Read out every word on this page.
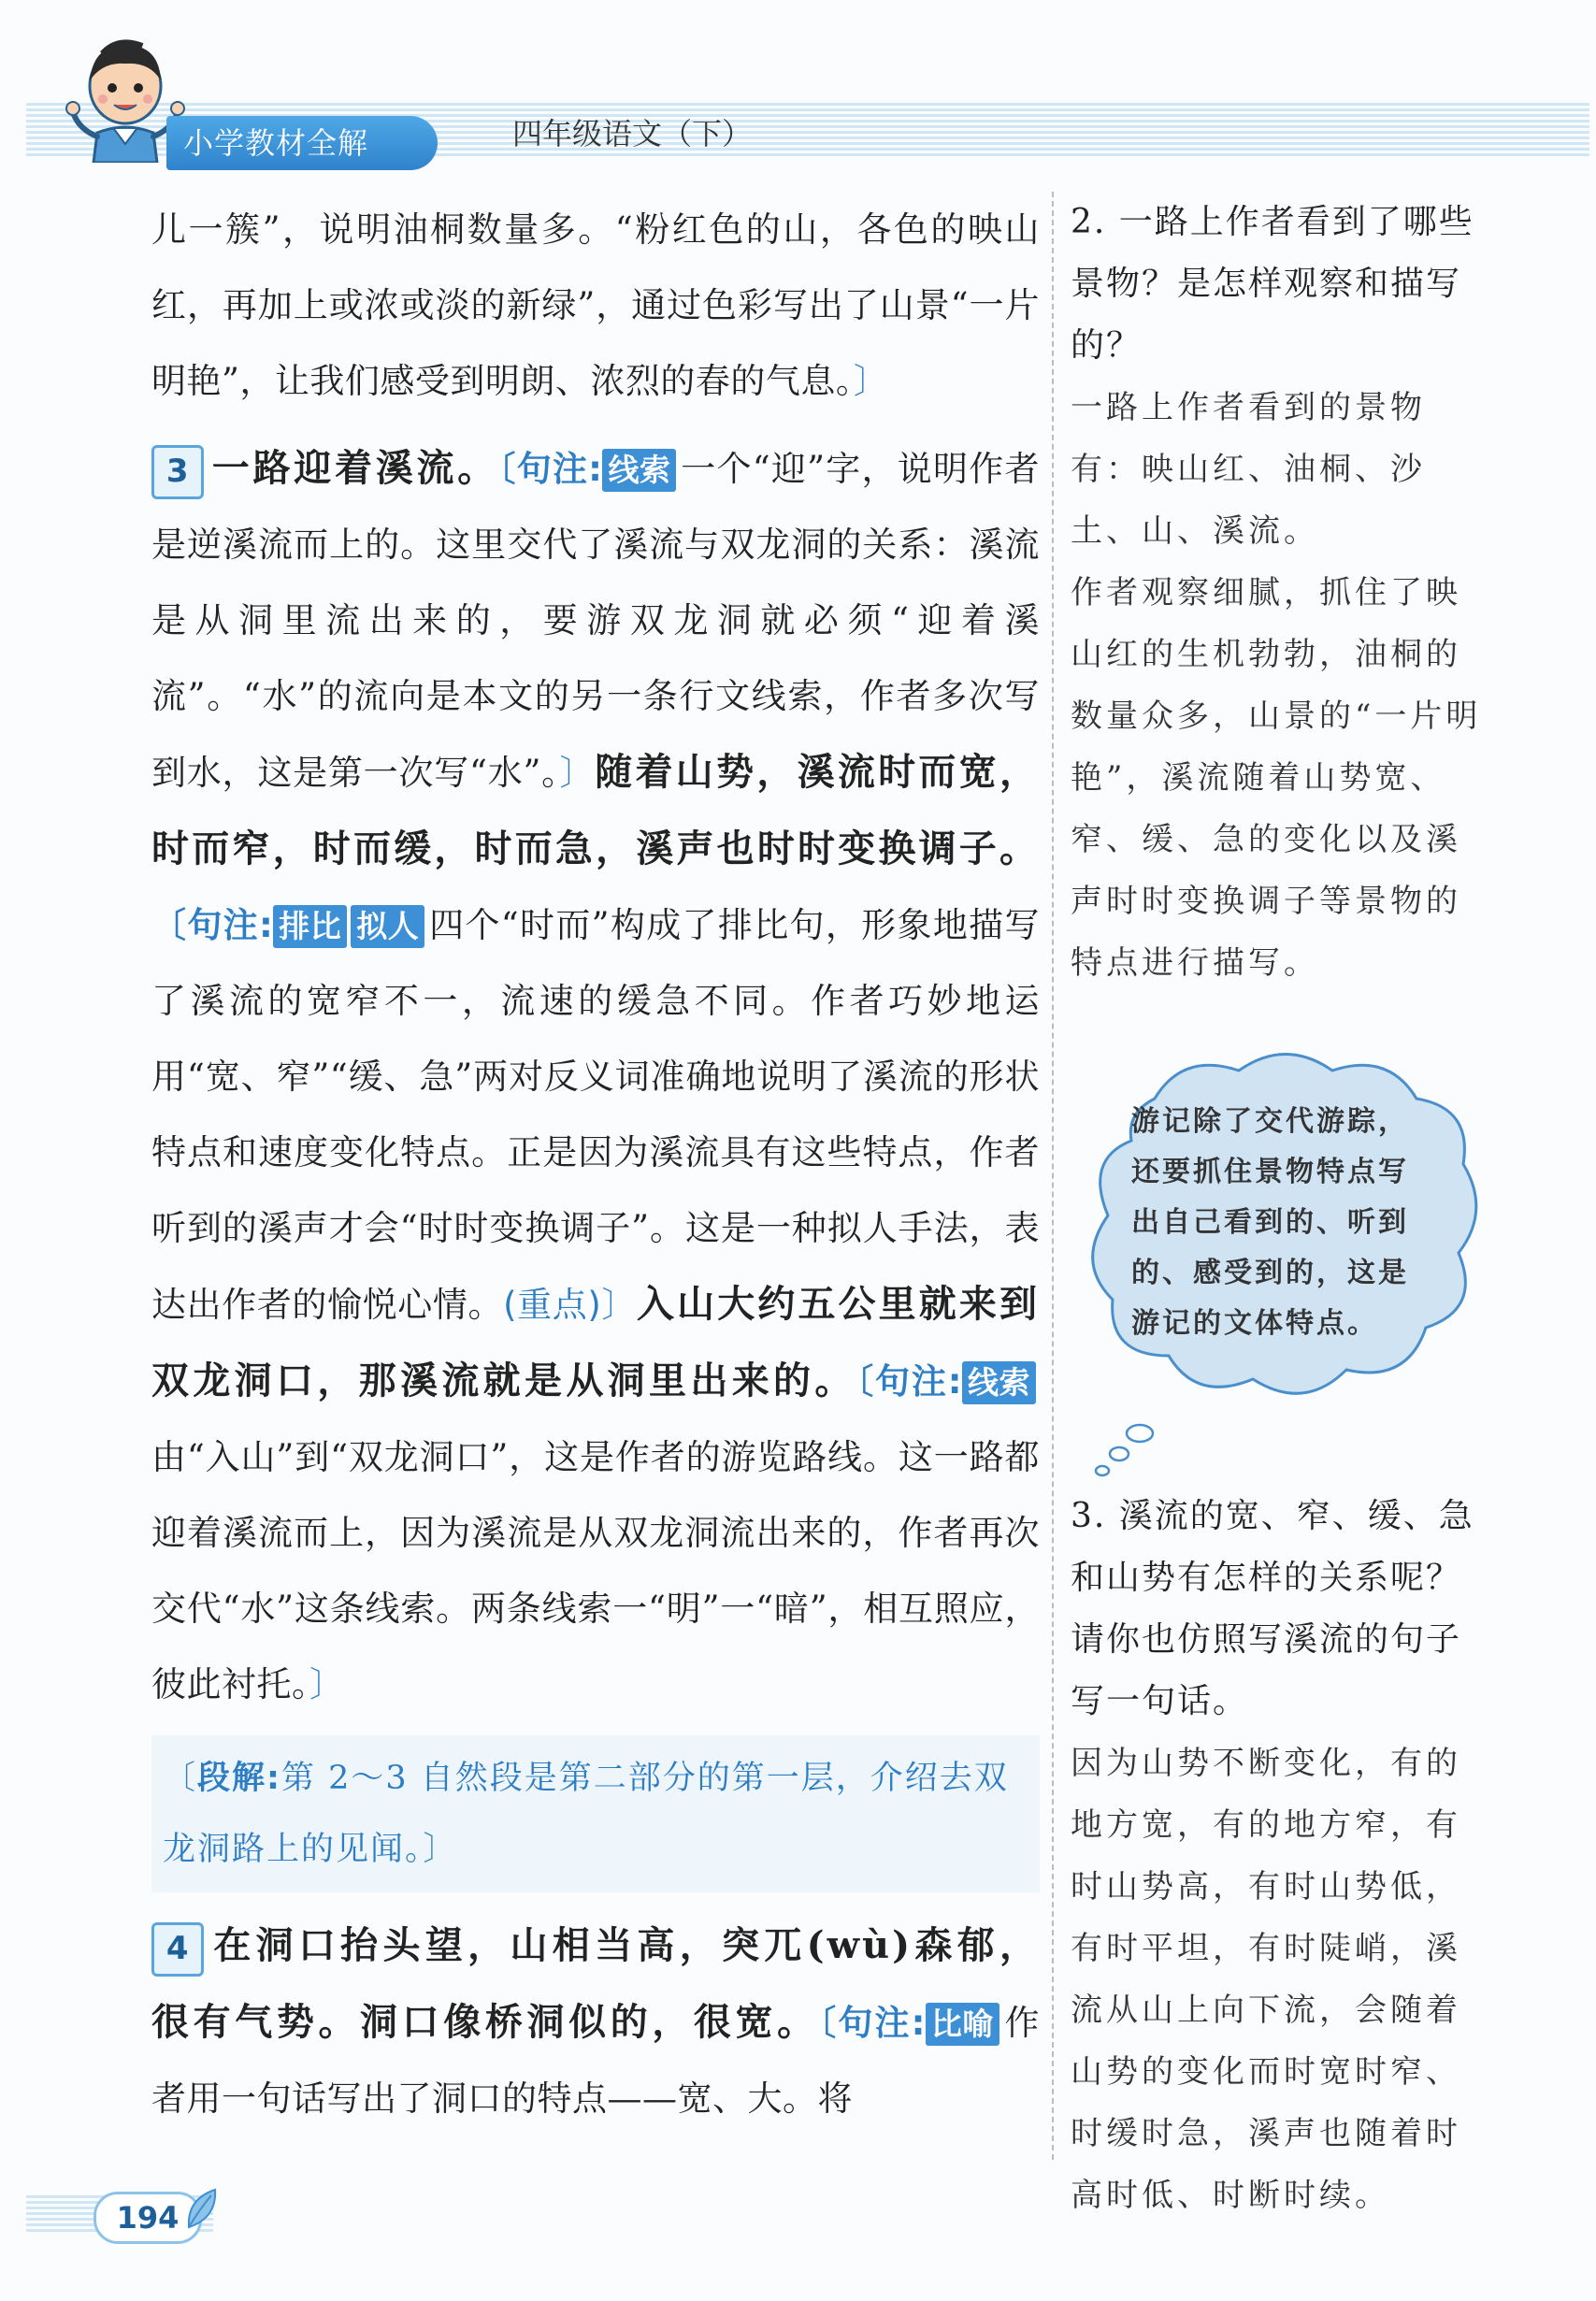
小学教材全解	四年级语文（下）

儿一簇”，说明油桐数量多。“粉红色的山，各色的映山红，再加上或浓或淡的新绿”，通过色彩写出了山景“一片明艳”，让我们感受到明朗、浓烈的春的气息。〕

3 一路迎着溪流。〔句注: 线索 一个“迎”字，说明作者是逆溪流而上的。这里交代了溪流与双龙洞的关系：溪流是从洞里流出来的，要游双龙洞就必须“迎着溪流”。“水”的流向是本文的另一条行文线索，作者多次写到水，这是第一次写“水”。〕随着山势，溪流时而宽，时而窄，时而缓，时而急，溪声也时时变换调子。〔句注: 排比 拟人 四个“时而”构成了排比句，形象地描写了溪流的宽窄不一，流速的缓急不同。作者巧妙地运用“宽、窄”“缓、急”两对反义词准确地说明了溪流的形状特点和速度变化特点。正是因为溪流具有这些特点，作者听到的溪声才会“时时变换调子”。这是一种拟人手法，表达出作者的愉悦心情。(重点)〕入山大约五公里就来到双龙洞口，那溪流就是从洞里出来的。〔句注: 线索由“入山”到“双龙洞口”，这是作者的游览路线。这一路都迎着溪流而上，因为溪流是从双龙洞流出来的，作者再次交代“水”这条线索。两条线索一“明”一“暗”，相互照应，彼此衬托。〕

〔段解:第 2～3 自然段是第二部分的第一层，介绍去双龙洞路上的见闻。〕

4 在洞口抬头望，山相当高，突兀(wù)森郁，很有气势。洞口像桥洞似的，很宽。〔句注: 比喻 作者用一句话写出了洞口的特点——宽、大。将

2. 一路上作者看到了哪些景物？是怎样观察和描写的？

一路上作者看到的景物有：映山红、油桐、沙土、山、溪流。

作者观察细腻，抓住了映山红的生机勃勃，油桐的数量众多，山景的“一片明艳”，溪流随着山势宽、窄、缓、急的变化以及溪声时时变换调子等景物的特点进行描写。

游记除了交代游踪，还要抓住景物特点写出自己看到的、听到的、感受到的，这是游记的文体特点。

3. 溪流的宽、窄、缓、急和山势有怎样的关系呢？请你也仿照写溪流的句子写一句话。

因为山势不断变化，有的地方宽，有的地方窄，有时山势高，有时山势低，有时平坦，有时陡峭，溪流从山上向下流，会随着山势的变化而时宽时窄、时缓时急，溪声也随着时高时低、时断时续。

194
